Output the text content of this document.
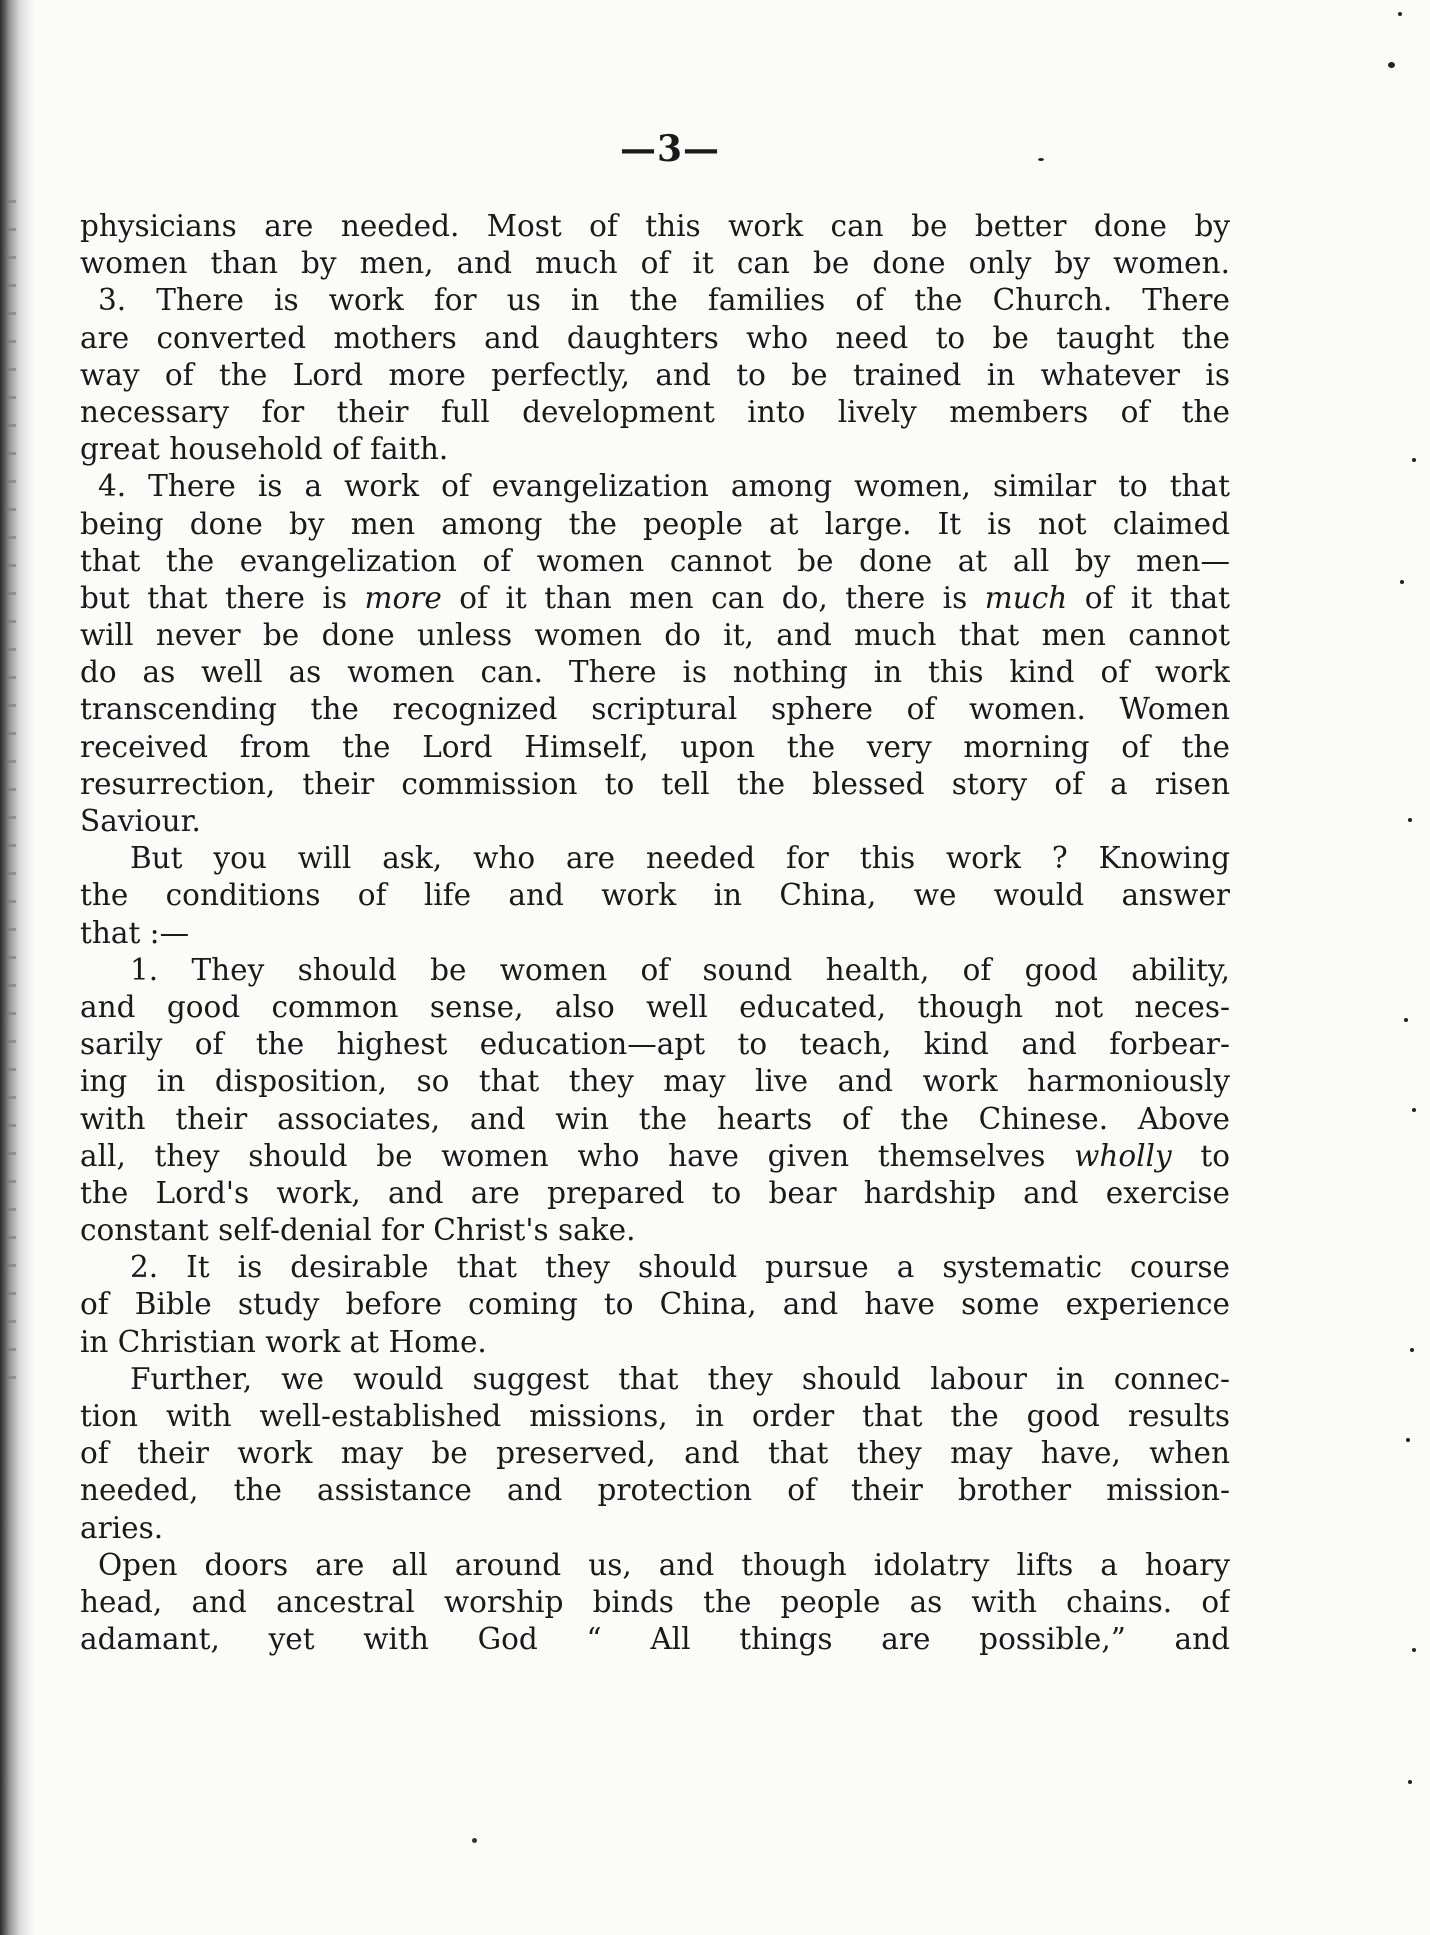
—3—
physicians are needed. Most of this work can be better done by
women than by men, and much of it can be done only by women.
3. There is work for us in the families of the Church. There
are converted mothers and daughters who need to be taught the
way of the Lord more perfectly, and to be trained in whatever is
necessary for their full development into lively members of the
great household of faith.
4. There is a work of evangelization among women, similar to that
being done by men among the people at large. It is not claimed
that the evangelization of women cannot be done at all by men—
but that there is more of it than men can do, there is much of it that
will never be done unless women do it, and much that men cannot
do as well as women can. There is nothing in this kind of work
transcending the recognized scriptural sphere of women. Women
received from the Lord Himself, upon the very morning of the
resurrection, their commission to tell the blessed story of a risen
Saviour.
But you will ask, who are needed for this work ? Knowing
the conditions of life and work in China, we would answer
that :—
1. They should be women of sound health, of good ability,
and good common sense, also well educated, though not neces-
sarily of the highest education—apt to teach, kind and forbear-
ing in disposition, so that they may live and work harmoniously
with their associates, and win the hearts of the Chinese. Above
all, they should be women who have given themselves wholly to
the Lord's work, and are prepared to bear hardship and exercise
constant self-denial for Christ's sake.
2. It is desirable that they should pursue a systematic course
of Bible study before coming to China, and have some experience
in Christian work at Home.
Further, we would suggest that they should labour in connec-
tion with well-established missions, in order that the good results
of their work may be preserved, and that they may have, when
needed, the assistance and protection of their brother mission-
aries.
Open doors are all around us, and though idolatry lifts a hoary
head, and ancestral worship binds the people as with chains. of
adamant, yet with God “ All things are possible,” and
